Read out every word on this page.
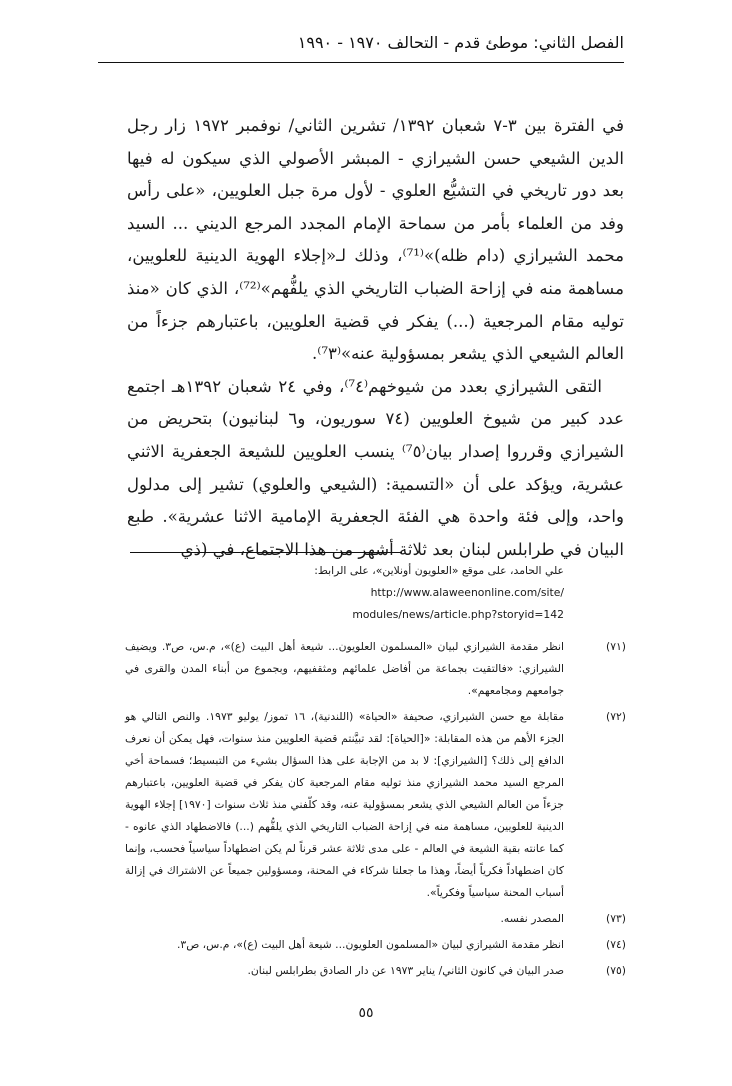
الفصل الثاني: موطئ قدم - التحالف ١٩٧٠ - ١٩٩٠

في الفترة بين ٣-٧ شعبان ١٣٩٢/ تشرين الثاني/ نوفمبر ١٩٧٢ زار رجل الدين الشيعي حسن الشيرازي - المبشر الأصولي الذي سيكون له فيها بعد دور تاريخي في التشيُّع العلوي - لأول مرة جبل العلويين، «على رأس وفد من العلماء بأمر من سماحة الإمام المجدد المرجع الديني ... السيد محمد الشيرازي (دام ظله)»⁽⁷¹⁾، وذلك لـ«إجلاء الهوية الدينية للعلويين، مساهمة منه في إزاحة الضباب التاريخي الذي يلفُّهم»⁽⁷²⁾، الذي كان «منذ توليه مقام المرجعية (...) يفكر في قضية العلويين، باعتبارهم جزءاً من العالم الشيعي الذي يشعر بمسؤولية عنه»⁽⁷٣⁾.

التقى الشيرازي بعدد من شيوخهم⁽⁷٤⁾، وفي ٢٤ شعبان ١٣٩٢هـ اجتمع عدد كبير من شيوخ العلويين (٧٤ سوريون، و٦ لبنانيون) بتحريض من الشيرازي وقرروا إصدار بيان⁽⁷٥⁾ ينسب العلويين للشيعة الجعفرية الاثني عشرية، ويؤكد على أن «التسمية: (الشيعي والعلوي) تشير إلى مدلول واحد، وإلى فئة واحدة هي الفئة الجعفرية الإمامية الاثنا عشرية». طبع البيان في طرابلس لبنان بعد ثلاثة أشهر من هذا الاجتماع، في (ذي

علي الحامد، على موقع «العلويون أونلاين»، على الرابط: http://www.alaweenonline.com/site/
modules/news/article.php?storyid=142
(٧١)
انظر مقدمة الشيرازي لبيان «المسلمون العلويون... شيعة أهل البيت (ع)»، م.س، ص٣. ويضيف الشيرازي: «فالتقيت بجماعة من أفاضل علمائهم ومثقفيهم، وبجموع من أبناء المدن والقرى في جوامعهم ومجامعهم».
(٧٢)
مقابلة مع حسن الشيرازي، صحيفة «الحياة» (اللندنية)، ١٦ تموز/ يوليو ١٩٧٣. والنص التالي هو الجزء الأهم من هذه المقابلة: «[الحياة]: لقد تبيَّنتم قضية العلويين منذ سنوات، فهل يمكن أن نعرف الدافع إلى ذلك؟ [الشيرازي]: لا بد من الإجابة على هذا السؤال بشيء من التبسيط؛ فسماحة أخي المرجع السيد محمد الشيرازي منذ توليه مقام المرجعية كان يفكر في قضية العلويين، باعتبارهم جزءاً من العالم الشيعي الذي يشعر بمسؤولية عنه، وقد كلّفني منذ ثلاث سنوات [١٩٧٠] إجلاء الهوية الدينية للعلويين، مساهمة منه في إزاحة الضباب التاريخي الذي يلفُّهم (...) فالاضطهاد الذي عانوه - كما عانته بقية الشيعة في العالم - على مدى ثلاثة عشر قرناً لم يكن اضطهاداً سياسياً فحسب، وإنما كان اضطهاداً فكرياً أيضاً، وهذا ما جعلنا شركاء في المحنة، ومسؤولين جميعاً عن الاشتراك في إزالة أسباب المحنة سياسياً وفكرياً».
(٧٣)
المصدر نفسه.
(٧٤)
انظر مقدمة الشيرازي لبيان «المسلمون العلويون... شيعة أهل البيت (ع)»، م.س، ص٣.
(٧٥)
صدر البيان في كانون الثاني/ يناير ١٩٧٣ عن دار الصادق بطرابلس لبنان.
٥٥
